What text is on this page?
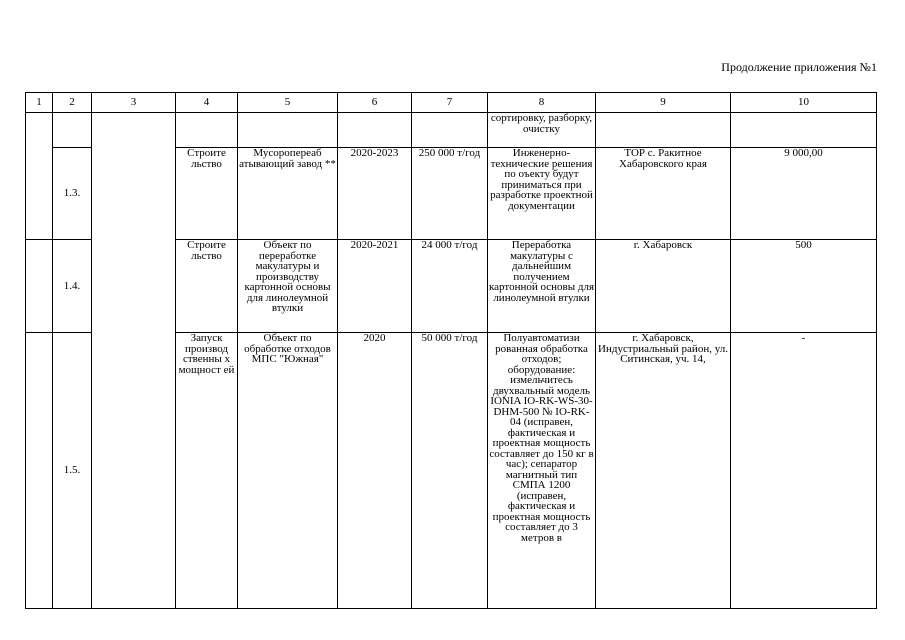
Продолжение приложения №1
1	2	3	4	5	6	7	8	9	10
							сортировку, разборку, очистку		
	1.3.		Строите льство	Мусоропереаб атывающий завод **	2020-2023	250 000 т/год	Инженерно-технические решения по оъекту будут приниматься при разработке проектной документации	ТОР с. Ракитное Хабаровского края	9 000,00
	1.4.		Строите льство	Объект по переработке макулатуры и производству картонной основы для линолеумной втулки	2020-2021	24 000 т/год	Переработка макулатуры с дальнейшим получением картонной основы для линолеумной втулки	г. Хабаровск	500
	1.5.		Запуск производ ственны х мощност ей	Объект по обработке отходов МПС "Южная"	2020	50 000 т/год	Полуавтоматизи рованная обработка отходов; оборудование: измельчитесь двухвальный модель IONIA IO-RK-WS-30-DHM-500 № IO-RK-04 (исправен, фактическая и проектная мощность составляет до 150 кг в час); сепаратор магнитный тип СМПА 1200 (исправен, фактическая и проектная мощность составляет до 3 метров в	г. Хабаровск, Индустриальный район, ул. Ситинская, уч. 14,	-
